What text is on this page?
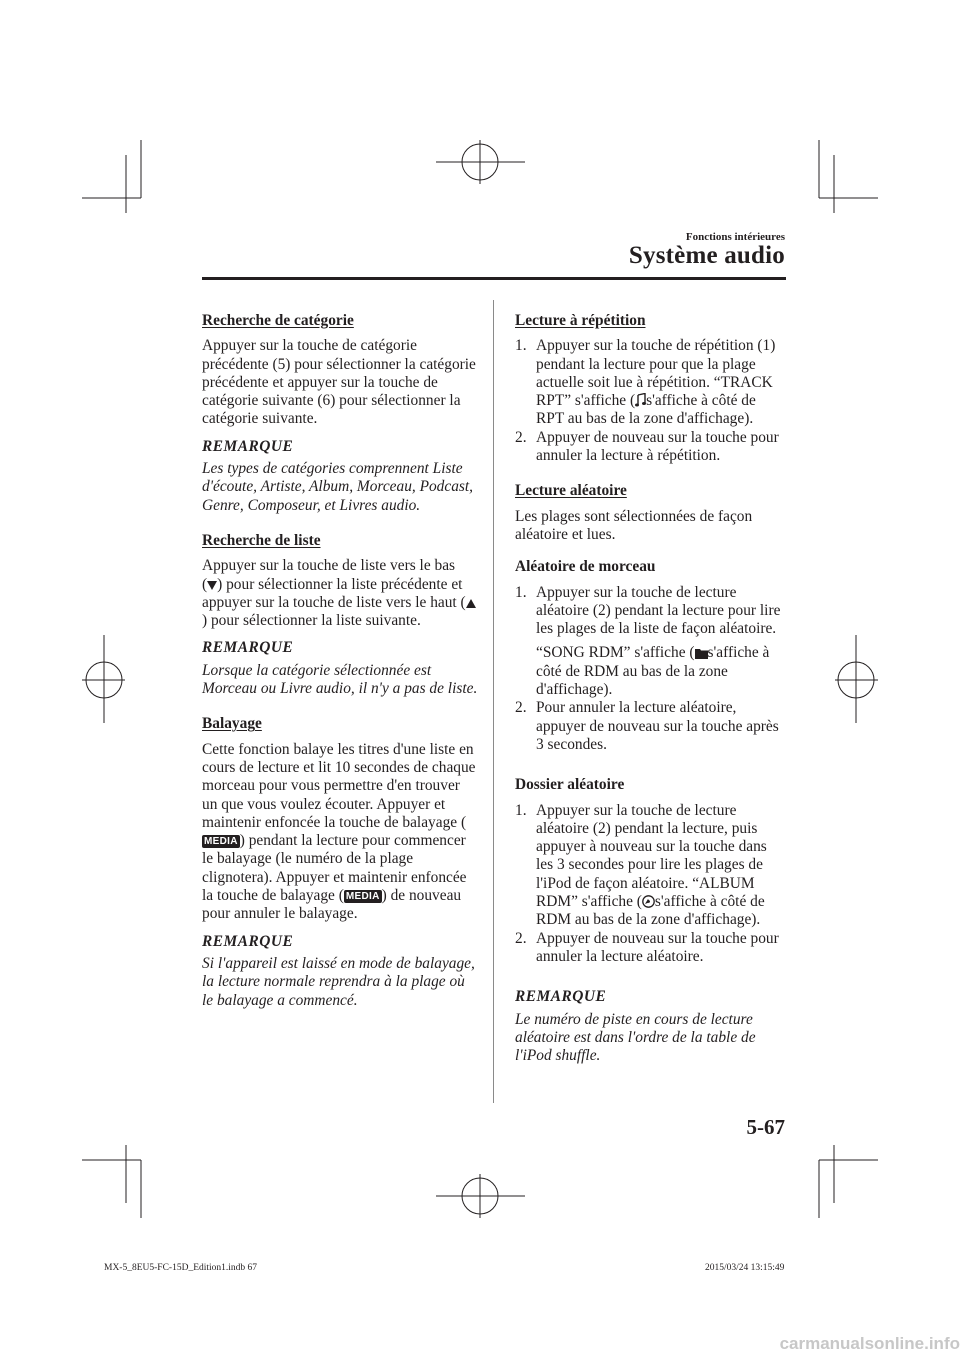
Fonctions intérieures
Système audio
Recherche de catégorie

Appuyer sur la touche de catégorie précédente (5) pour sélectionner la catégorie précédente et appuyer sur la touche de catégorie suivante (6) pour sélectionner la catégorie suivante.

REMARQUE

Les types de catégories comprennent Liste d'écoute, Artiste, Album, Morceau, Podcast, Genre, Composeur, et Livres audio.

Recherche de liste

Appuyer sur la touche de liste vers le bas
( ) pour sélectionner la liste précédente et appuyer sur la touche de liste vers le haut (
) pour sélectionner la liste suivante.

REMARQUE

Lorsque la catégorie sélectionnée est Morceau ou Livre audio, il n'y a pas de liste.

Balayage

Cette fonction balaye les titres d'une liste en cours de lecture et lit 10 secondes de chaque morceau pour vous permettre d'en trouver un que vous voulez écouter. Appuyer et maintenir enfoncée la touche de balayage (MEDIA ) pendant la lecture pour commencer le balayage (le numéro de la plage clignotera). Appuyer et maintenir enfoncée la touche de balayage ( MEDIA ) de nouveau pour annuler le balayage.

REMARQUE

Si l'appareil est laissé en mode de balayage, la lecture normale reprendra à la plage où le balayage a commencé.

Lecture à répétition
1. Appuyer sur la touche de répétition (1) pendant la lecture pour que la plage actuelle soit lue à répétition. “TRACK RPT” s'affiche ( s'affiche à côté de RPT au bas de la zone d'affichage).

2. Appuyer de nouveau sur la touche pour annuler la lecture à répétition.

Lecture aléatoire

Les plages sont sélectionnées de façon aléatoire et lues.

Aléatoire de morceau
1. Appuyer sur la touche de lecture aléatoire (2) pendant la lecture pour lire les plages de la liste de façon aléatoire.

“SONG RDM” s'affiche ( s'affiche à côté de RDM au bas de la zone d'affichage).

2. Pour annuler la lecture aléatoire, appuyer de nouveau sur la touche après 3 secondes.

Dossier aléatoire
1. Appuyer sur la touche de lecture aléatoire (2) pendant la lecture, puis appuyer à nouveau sur la touche dans les 3 secondes pour lire les plages de l'iPod de façon aléatoire. “ALBUM RDM” s'affiche ( s'affiche à côté de RDM au bas de la zone d'affichage).

2. Appuyer de nouveau sur la touche pour annuler la lecture aléatoire.

REMARQUE

Le numéro de piste en cours de lecture aléatoire est dans l'ordre de la table de l'iPod shuffle.

5-67
MX-5_8EU5-FC-15D_Edition1.indb 67	2015/03/24 13:15:49
carmanualsonline.info
